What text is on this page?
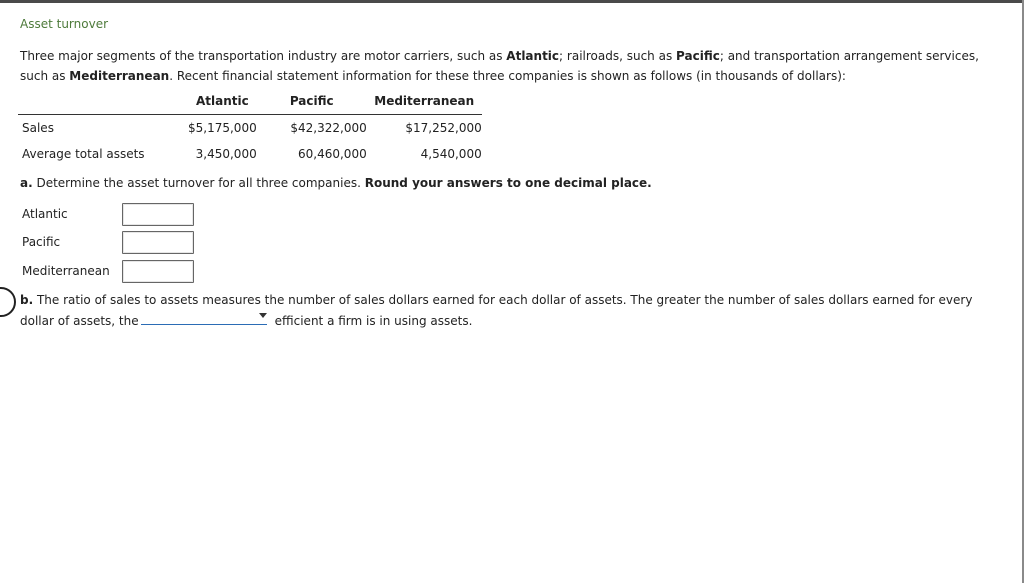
Asset turnover
Three major segments of the transportation industry are motor carriers, such as Atlantic; railroads, such as Pacific; and transportation arrangement services, such as Mediterranean. Recent financial statement information for these three companies is shown as follows (in thousands of dollars):
	Atlantic	Pacific	Mediterranean
Sales	$5,175,000	$42,322,000	$17,252,000
Average total assets	3,450,000	60,460,000	4,540,000
a. Determine the asset turnover for all three companies. Round your answers to one decimal place.
Atlantic
Pacific
Mediterranean
b. The ratio of sales to assets measures the number of sales dollars earned for each dollar of assets. The greater the number of sales dollars earned for every dollar of assets, the	efficient a firm is in using assets.
